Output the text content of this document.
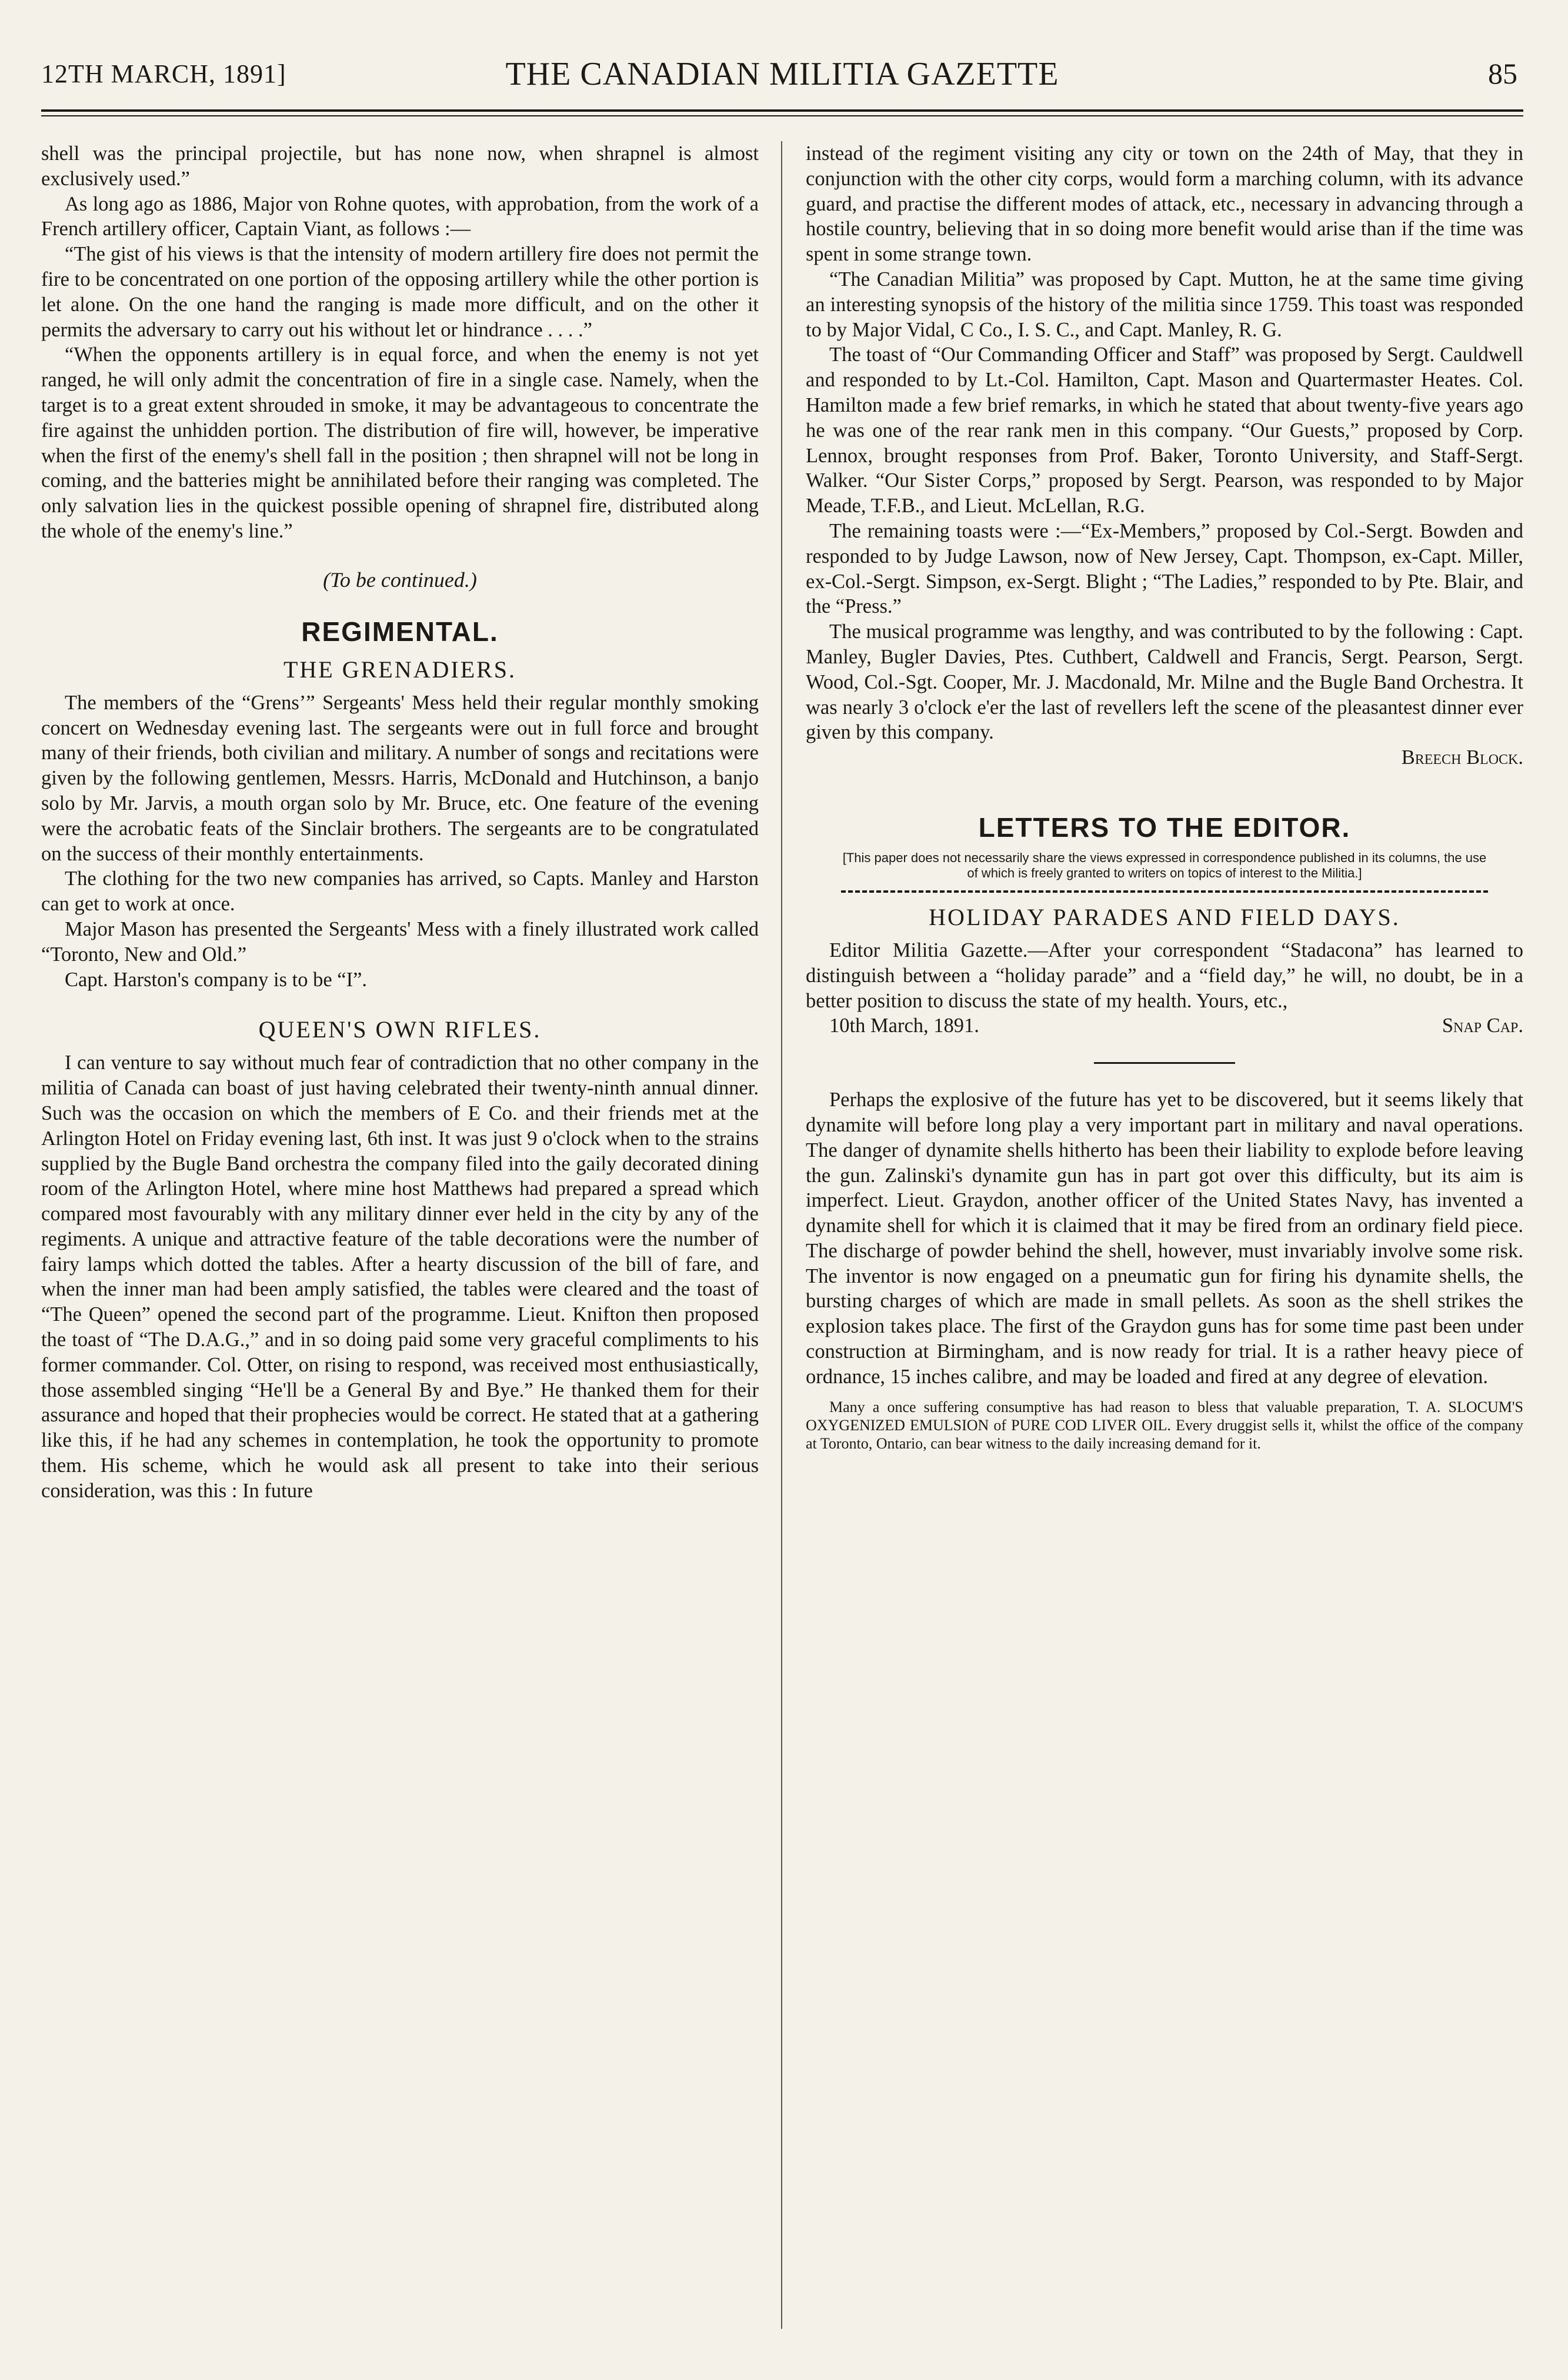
12TH MARCH, 1891]	THE CANADIAN MILITIA GAZETTE	85

shell was the principal projectile, but has none now, when shrapnel is almost exclusively used.”

As long ago as 1886, Major von Rohne quotes, with approbation, from the work of a French artillery officer, Captain Viant, as follows :—

“The gist of his views is that the intensity of modern artillery fire does not permit the fire to be concentrated on one portion of the opposing artillery while the other portion is let alone. On the one hand the ranging is made more difficult, and on the other it permits the adversary to carry out his without let or hindrance . . . .”

“When the opponents artillery is in equal force, and when the enemy is not yet ranged, he will only admit the concentration of fire in a single case. Namely, when the target is to a great extent shrouded in smoke, it may be advantageous to concentrate the fire against the unhidden portion. The distribution of fire will, however, be imperative when the first of the enemy's shell fall in the position ; then shrapnel will not be long in coming, and the batteries might be annihilated before their ranging was completed. The only salvation lies in the quickest possible opening of shrapnel fire, distributed along the whole of the enemy's line.”

(To be continued.)
REGIMENTAL.
THE GRENADIERS.

The members of the “Grens’” Sergeants' Mess held their regular monthly smoking concert on Wednesday evening last. The sergeants were out in full force and brought many of their friends, both civilian and military. A number of songs and recitations were given by the following gentlemen, Messrs. Harris, McDonald and Hutchinson, a banjo solo by Mr. Jarvis, a mouth organ solo by Mr. Bruce, etc. One feature of the evening were the acrobatic feats of the Sinclair brothers. The sergeants are to be congratulated on the success of their monthly entertainments.

The clothing for the two new companies has arrived, so Capts. Manley and Harston can get to work at once.

Major Mason has presented the Sergeants' Mess with a finely illustrated work called “Toronto, New and Old.”

Capt. Harston's company is to be “I”.

QUEEN'S OWN RIFLES.

I can venture to say without much fear of contradiction that no other company in the militia of Canada can boast of just having celebrated their twenty-ninth annual dinner. Such was the occasion on which the members of E Co. and their friends met at the Arlington Hotel on Friday evening last, 6th inst. It was just 9 o'clock when to the strains supplied by the Bugle Band orchestra the company filed into the gaily decorated dining room of the Arlington Hotel, where mine host Matthews had prepared a spread which compared most favourably with any military dinner ever held in the city by any of the regiments. A unique and attractive feature of the table decorations were the number of fairy lamps which dotted the tables. After a hearty discussion of the bill of fare, and when the inner man had been amply satisfied, the tables were cleared and the toast of “The Queen” opened the second part of the programme. Lieut. Knifton then proposed the toast of “The D.A.G.,” and in so doing paid some very graceful compliments to his former commander. Col. Otter, on rising to respond, was received most enthusiastically, those assembled singing “He'll be a General By and Bye.” He thanked them for their assurance and hoped that their prophecies would be correct. He stated that at a gathering like this, if he had any schemes in contemplation, he took the opportunity to promote them. His scheme, which he would ask all present to take into their serious consideration, was this : In future

instead of the regiment visiting any city or town on the 24th of May, that they in conjunction with the other city corps, would form a marching column, with its advance guard, and practise the different modes of attack, etc., necessary in advancing through a hostile country, believing that in so doing more benefit would arise than if the time was spent in some strange town.

“The Canadian Militia” was proposed by Capt. Mutton, he at the same time giving an interesting synopsis of the history of the militia since 1759. This toast was responded to by Major Vidal, C Co., I. S. C., and Capt. Manley, R. G.

The toast of “Our Commanding Officer and Staff” was proposed by Sergt. Cauldwell and responded to by Lt.-Col. Hamilton, Capt. Mason and Quartermaster Heates. Col. Hamilton made a few brief remarks, in which he stated that about twenty-five years ago he was one of the rear rank men in this company. “Our Guests,” proposed by Corp. Lennox, brought responses from Prof. Baker, Toronto University, and Staff-Sergt. Walker. “Our Sister Corps,” proposed by Sergt. Pearson, was responded to by Major Meade, T.F.B., and Lieut. McLellan, R.G.

The remaining toasts were :—“Ex-Members,” proposed by Col.-Sergt. Bowden and responded to by Judge Lawson, now of New Jersey, Capt. Thompson, ex-Capt. Miller, ex-Col.-Sergt. Simpson, ex-Sergt. Blight ; “The Ladies,” responded to by Pte. Blair, and the “Press.”

The musical programme was lengthy, and was contributed to by the following : Capt. Manley, Bugler Davies, Ptes. Cuthbert, Caldwell and Francis, Sergt. Pearson, Sergt. Wood, Col.-Sgt. Cooper, Mr. J. Macdonald, Mr. Milne and the Bugle Band Orchestra. It was nearly 3 o'clock e'er the last of revellers left the scene of the pleasantest dinner ever given by this company.

Breech Block.

LETTERS TO THE EDITOR.
[This paper does not necessarily share the views expressed in correspondence published in its columns, the use of which is freely granted to writers on topics of interest to the Militia.]
HOLIDAY PARADES AND FIELD DAYS.

Editor Militia Gazette.—After your correspondent “Stadacona” has learned to distinguish between a “holiday parade” and a “field day,” he will, no doubt, be in a better position to discuss the state of my health. Yours, etc.,

10th March, 1891.	Snap Cap.

Perhaps the explosive of the future has yet to be discovered, but it seems likely that dynamite will before long play a very important part in military and naval operations. The danger of dynamite shells hitherto has been their liability to explode before leaving the gun. Zalinski's dynamite gun has in part got over this difficulty, but its aim is imperfect. Lieut. Graydon, another officer of the United States Navy, has invented a dynamite shell for which it is claimed that it may be fired from an ordinary field piece. The discharge of powder behind the shell, however, must invariably involve some risk. The inventor is now engaged on a pneumatic gun for firing his dynamite shells, the bursting charges of which are made in small pellets. As soon as the shell strikes the explosion takes place. The first of the Graydon guns has for some time past been under construction at Birmingham, and is now ready for trial. It is a rather heavy piece of ordnance, 15 inches calibre, and may be loaded and fired at any degree of elevation.

Many a once suffering consumptive has had reason to bless that valuable preparation, T. A. SLOCUM'S OXYGENIZED EMULSION of PURE COD LIVER OIL. Every druggist sells it, whilst the office of the company at Toronto, Ontario, can bear witness to the daily increasing demand for it.
